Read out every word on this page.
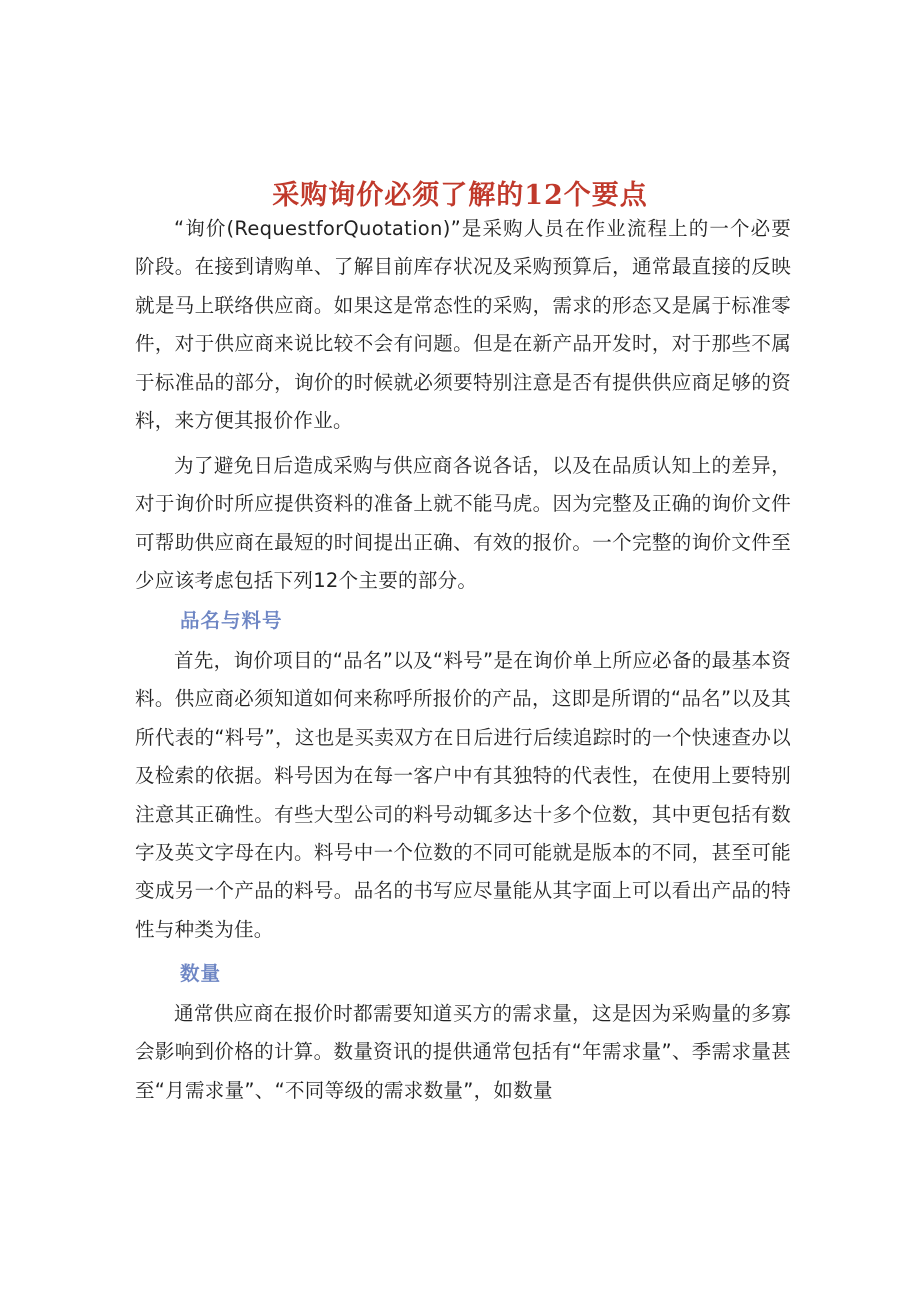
采购询价必须了解的12个要点

“询价(RequestforQuotation)”是采购人员在作业流程上的一个必要阶段。在接到请购单、了解目前库存状况及采购预算后，通常最直接的反映就是马上联络供应商。如果这是常态性的采购，需求的形态又是属于标准零件，对于供应商来说比较不会有问题。但是在新产品开发时，对于那些不属于标准品的部分，询价的时候就必须要特别注意是否有提供供应商足够的资料，来方便其报价作业。

为了避免日后造成采购与供应商各说各话，以及在品质认知上的差异，对于询价时所应提供资料的准备上就不能马虎。因为完整及正确的询价文件可帮助供应商在最短的时间提出正确、有效的报价。一个完整的询价文件至少应该考虑包括下列12个主要的部分。

品名与料号

首先，询价项目的“品名”以及“料号”是在询价单上所应必备的最基本资料。供应商必须知道如何来称呼所报价的产品，这即是所谓的“品名”以及其所代表的“料号”，这也是买卖双方在日后进行后续追踪时的一个快速查办以及检索的依据。料号因为在每一客户中有其独特的代表性，在使用上要特别注意其正确性。有些大型公司的料号动辄多达十多个位数，其中更包括有数字及英文字母在内。料号中一个位数的不同可能就是版本的不同，甚至可能变成另一个产品的料号。品名的书写应尽量能从其字面上可以看出产品的特性与种类为佳。

数量

通常供应商在报价时都需要知道买方的需求量，这是因为采购量的多寡会影响到价格的计算。数量资讯的提供通常包括有“年需求量”、季需求量甚至“月需求量”、“不同等级的需求数量”，如数量
